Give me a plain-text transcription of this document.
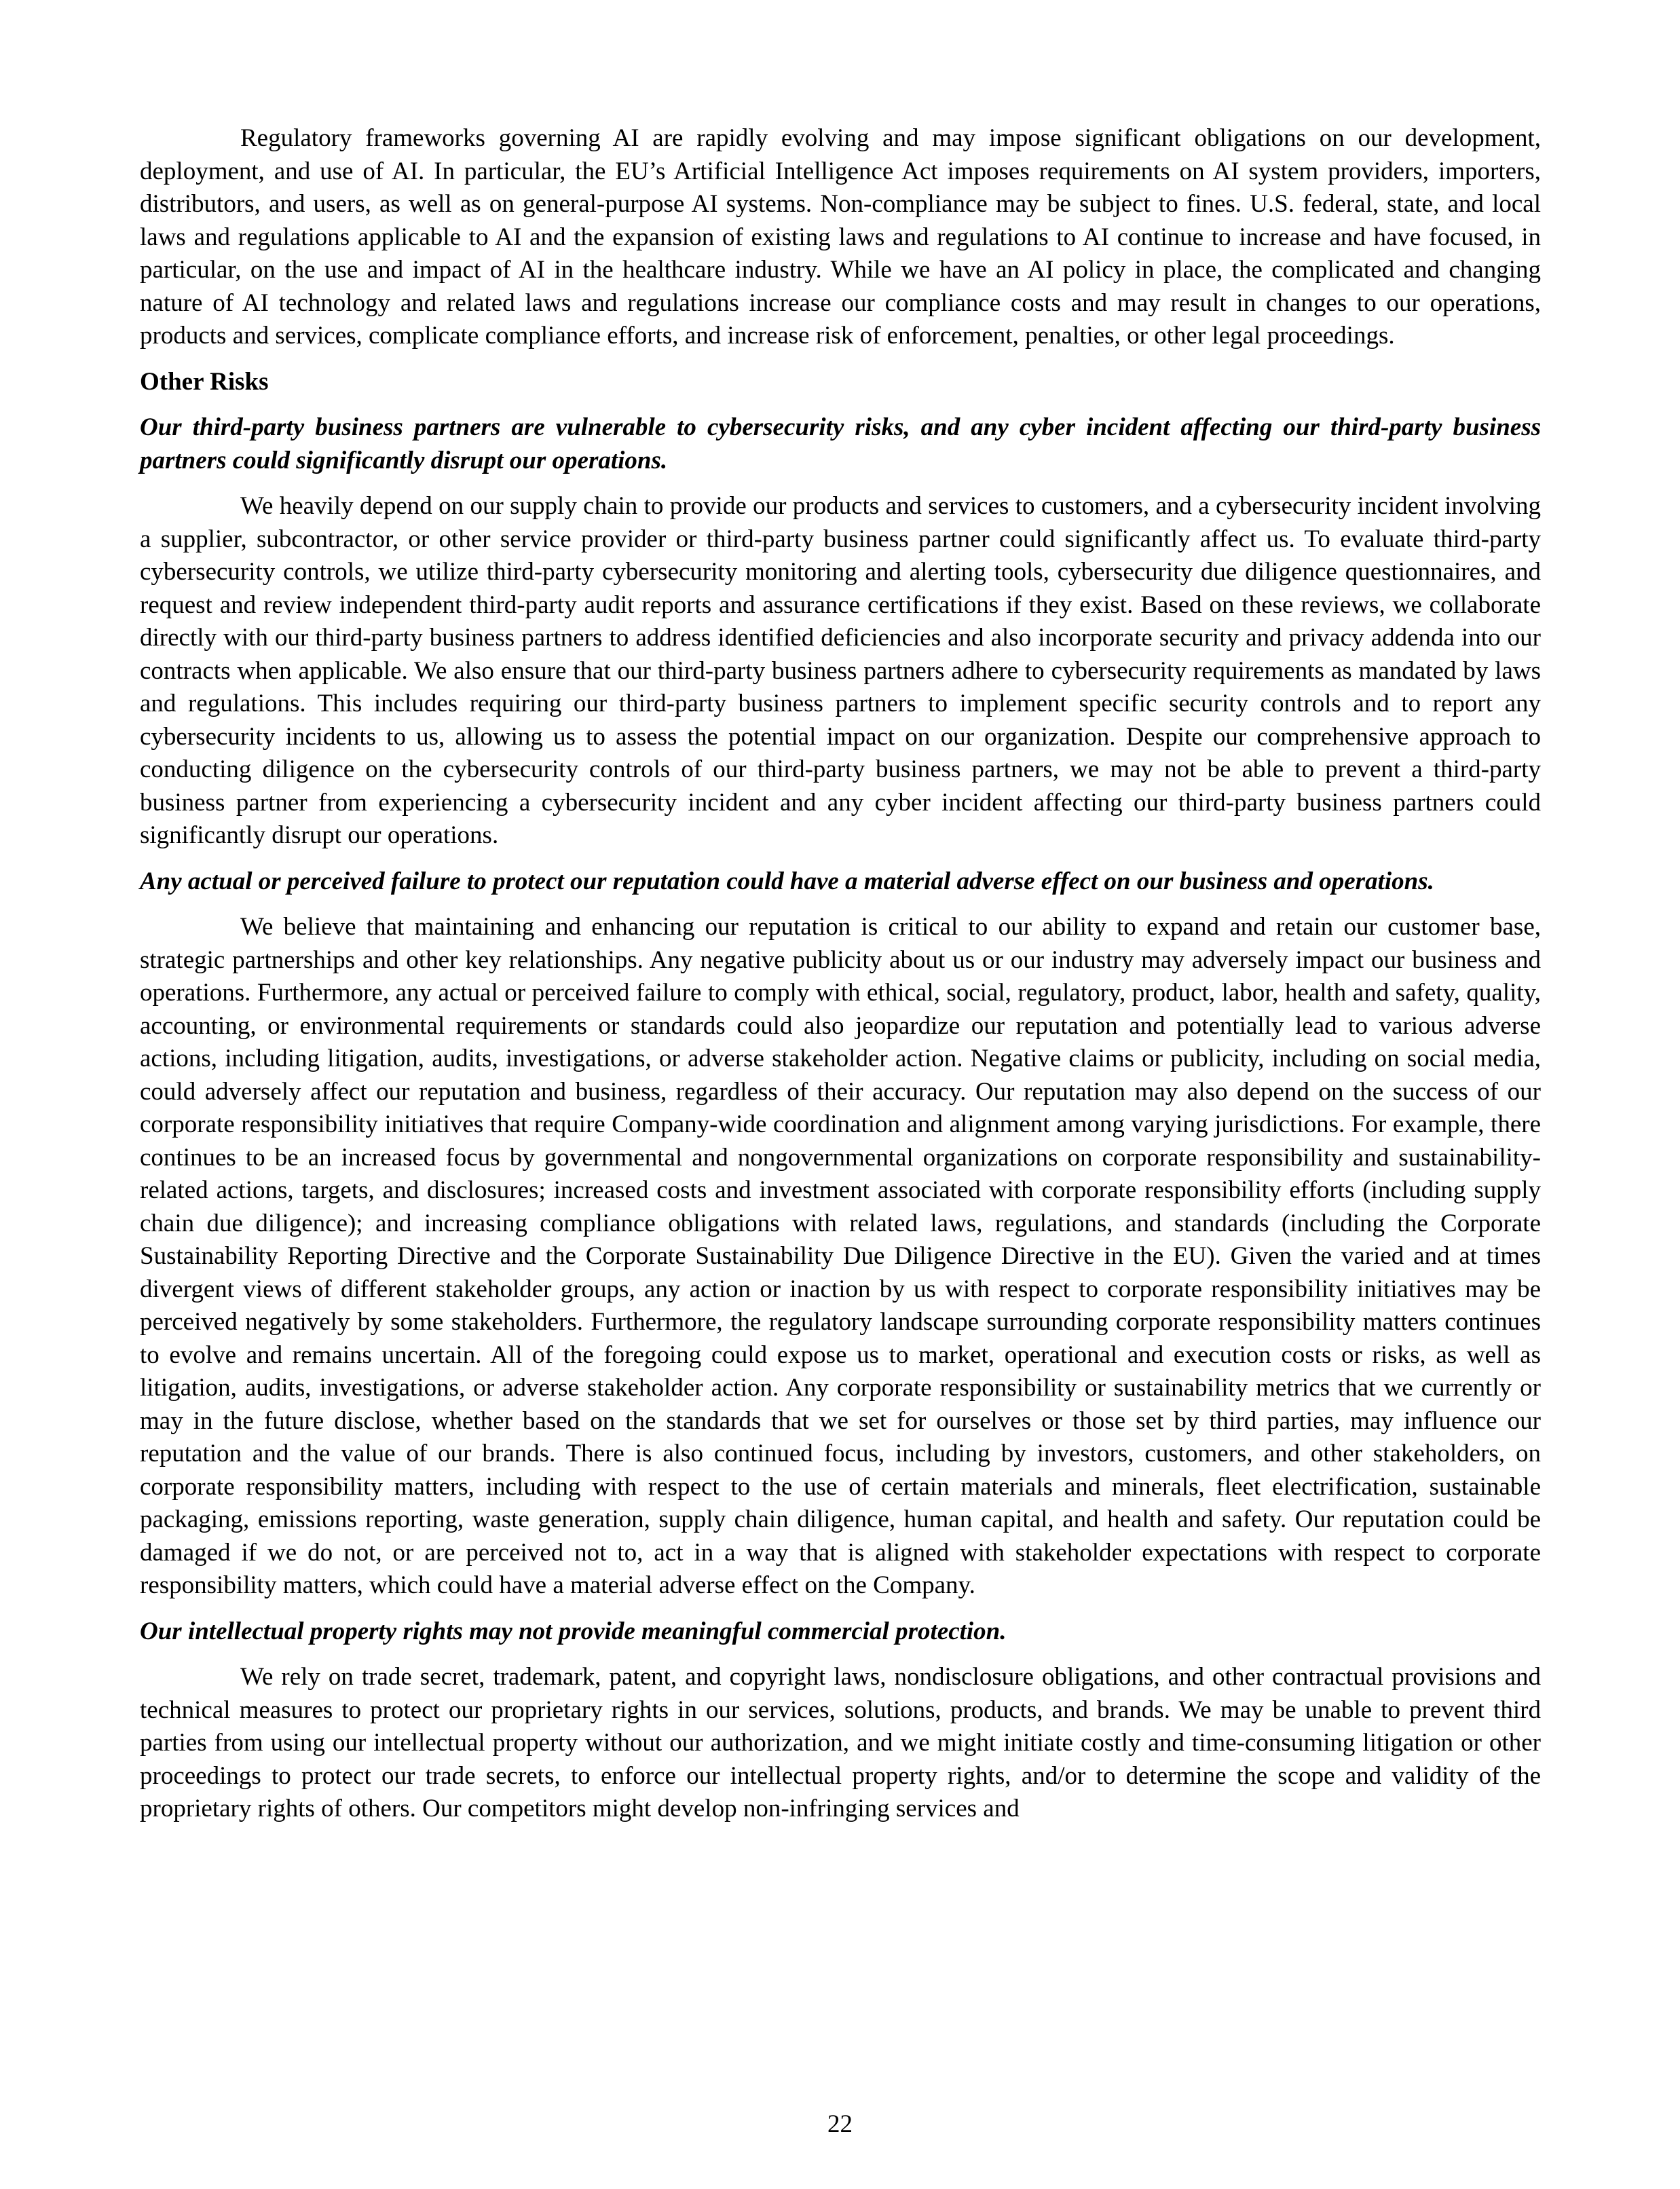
Regulatory frameworks governing AI are rapidly evolving and may impose significant obligations on our development, deployment, and use of AI. In particular, the EU’s Artificial Intelligence Act imposes requirements on AI system providers, importers, distributors, and users, as well as on general-purpose AI systems. Non-compliance may be subject to fines. U.S. federal, state, and local laws and regulations applicable to AI and the expansion of existing laws and regulations to AI continue to increase and have focused, in particular, on the use and impact of AI in the healthcare industry. While we have an AI policy in place, the complicated and changing nature of AI technology and related laws and regulations increase our compliance costs and may result in changes to our operations, products and services, complicate compliance efforts, and increase risk of enforcement, penalties, or other legal proceedings.

Other Risks

Our third-party business partners are vulnerable to cybersecurity risks, and any cyber incident affecting our third-party business partners could significantly disrupt our operations.

We heavily depend on our supply chain to provide our products and services to customers, and a cybersecurity incident involving a supplier, subcontractor, or other service provider or third-party business partner could significantly affect us. To evaluate third-party cybersecurity controls, we utilize third-party cybersecurity monitoring and alerting tools, cybersecurity due diligence questionnaires, and request and review independent third-party audit reports and assurance certifications if they exist. Based on these reviews, we collaborate directly with our third-party business partners to address identified deficiencies and also incorporate security and privacy addenda into our contracts when applicable. We also ensure that our third-party business partners adhere to cybersecurity requirements as mandated by laws and regulations. This includes requiring our third-party business partners to implement specific security controls and to report any cybersecurity incidents to us, allowing us to assess the potential impact on our organization. Despite our comprehensive approach to conducting diligence on the cybersecurity controls of our third-party business partners, we may not be able to prevent a third-party business partner from experiencing a cybersecurity incident and any cyber incident affecting our third-party business partners could significantly disrupt our operations.

Any actual or perceived failure to protect our reputation could have a material adverse effect on our business and operations.

We believe that maintaining and enhancing our reputation is critical to our ability to expand and retain our customer base, strategic partnerships and other key relationships. Any negative publicity about us or our industry may adversely impact our business and operations. Furthermore, any actual or perceived failure to comply with ethical, social, regulatory, product, labor, health and safety, quality, accounting, or environmental requirements or standards could also jeopardize our reputation and potentially lead to various adverse actions, including litigation, audits, investigations, or adverse stakeholder action. Negative claims or publicity, including on social media, could adversely affect our reputation and business, regardless of their accuracy. Our reputation may also depend on the success of our corporate responsibility initiatives that require Company-wide coordination and alignment among varying jurisdictions. For example, there continues to be an increased focus by governmental and nongovernmental organizations on corporate responsibility and sustainability-related actions, targets, and disclosures; increased costs and investment associated with corporate responsibility efforts (including supply chain due diligence); and increasing compliance obligations with related laws, regulations, and standards (including the Corporate Sustainability Reporting Directive and the Corporate Sustainability Due Diligence Directive in the EU). Given the varied and at times divergent views of different stakeholder groups, any action or inaction by us with respect to corporate responsibility initiatives may be perceived negatively by some stakeholders. Furthermore, the regulatory landscape surrounding corporate responsibility matters continues to evolve and remains uncertain. All of the foregoing could expose us to market, operational and execution costs or risks, as well as litigation, audits, investigations, or adverse stakeholder action. Any corporate responsibility or sustainability metrics that we currently or may in the future disclose, whether based on the standards that we set for ourselves or those set by third parties, may influence our reputation and the value of our brands. There is also continued focus, including by investors, customers, and other stakeholders, on corporate responsibility matters, including with respect to the use of certain materials and minerals, fleet electrification, sustainable packaging, emissions reporting, waste generation, supply chain diligence, human capital, and health and safety. Our reputation could be damaged if we do not, or are perceived not to, act in a way that is aligned with stakeholder expectations with respect to corporate responsibility matters, which could have a material adverse effect on the Company.

Our intellectual property rights may not provide meaningful commercial protection.

We rely on trade secret, trademark, patent, and copyright laws, nondisclosure obligations, and other contractual provisions and technical measures to protect our proprietary rights in our services, solutions, products, and brands. We may be unable to prevent third parties from using our intellectual property without our authorization, and we might initiate costly and time-consuming litigation or other proceedings to protect our trade secrets, to enforce our intellectual property rights, and/or to determine the scope and validity of the proprietary rights of others. Our competitors might develop non-infringing services and

22
